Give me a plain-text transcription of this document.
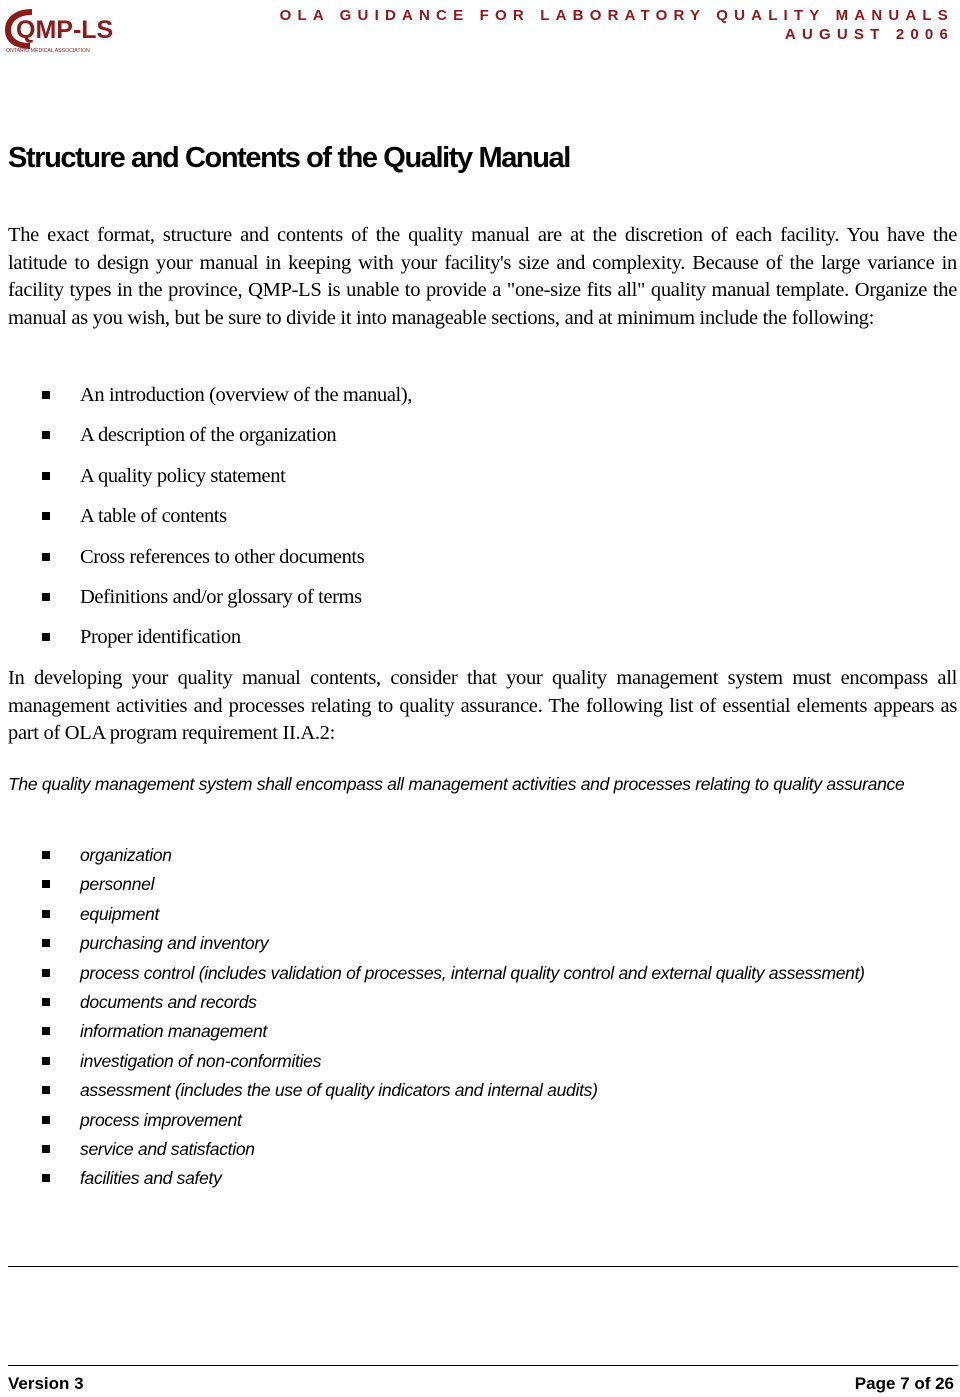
QMP-LS
ONTARIO MEDICAL ASSOCIATION
OLA GUIDANCE FOR LABORATORY QUALITY MANUALS
AUGUST 2006
Structure and Contents of the Quality Manual

The exact format, structure and contents of the quality manual are at the discretion of each facility. You have the latitude to design your manual in keeping with your facility's size and complexity. Because of the large variance in facility types in the province, QMP-LS is unable to provide a "one-size fits all" quality manual template. Organize the manual as you wish, but be sure to divide it into manageable sections, and at minimum include the following:

An introduction (overview of the manual),
A description of the organization
A quality policy statement
A table of contents
Cross references to other documents
Definitions and/or glossary of terms
Proper identification

In developing your quality manual contents, consider that your quality management system must encompass all management activities and processes relating to quality assurance. The following list of essential elements appears as part of OLA program requirement II.A.2:

The quality management system shall encompass all management activities and processes relating to quality assurance

organization
personnel
equipment
purchasing and inventory
process control (includes validation of processes, internal quality control and external quality assessment)
documents and records
information management
investigation of non-conformities
assessment (includes the use of quality indicators and internal audits)
process improvement
service and satisfaction
facilities and safety
Version 3	Page 7 of 26
